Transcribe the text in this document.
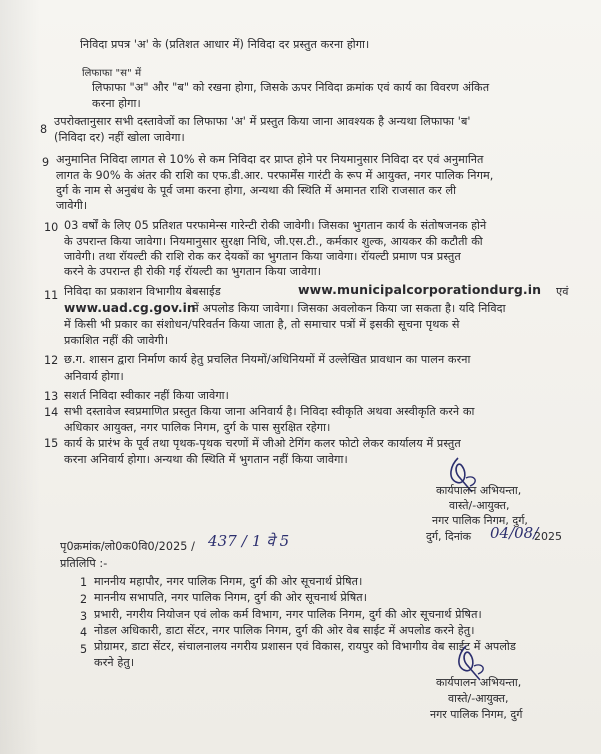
निविदा प्रपत्र 'अ' के (प्रतिशत आधार में) निविदा दर प्रस्तुत करना होगा।
लिफाफा "स" में
लिफाफा "अ" और "ब" को रखना होगा, जिसके ऊपर निविदा क्रमांक एवं कार्य का विवरण अंकित
करना होगा।
8
उपरोक्तानुसार सभी दस्तावेजों का लिफाफा 'अ' में प्रस्तुत किया जाना आवश्यक है अन्यथा लिफाफा 'ब'
(निविदा दर) नहीं खोला जावेगा।
9 अनुमानित निविदा लागत से 10% से कम निविदा दर प्राप्त होने पर नियमानुसार निविदा दर एवं अनुमानित
लागत के 90% के अंतर की राशि का एफ.डी.आर. परफार्मेंस गारंटी के रूप में आयुक्त, नगर पालिक निगम,
दुर्ग के नाम से अनुबंध के पूर्व जमा करना होगा, अन्यथा की स्थिति में अमानत राशि राजसात कर ली
जावेगी।
10 03 वर्षों के लिए 05 प्रतिशत परफामेन्स गारेन्टी रोकी जावेगी। जिसका भुगतान कार्य के संतोषजनक होने
के उपरान्त किया जावेगा। नियमानुसार सुरक्षा निधि, जी.एस.टी., कर्मकार शुल्क, आयकर की कटौती की
जावेगी। तथा रॉयल्टी की राशि रोक कर देयकों का भुगतान किया जावेगा। रॉयल्टी प्रमाण पत्र प्रस्तुत
करने के उपरान्त ही रोकी गई रॉयल्टी का भुगतान किया जावेगा।
11 निविदा का प्रकाशन विभागीय बेबसाईड	www.municipalcorporationdurg.in एवं
www.uad.cg.gov.in
में अपलोड किया जावेगा। जिसका अवलोकन किया जा सकता है। यदि निविदा
में किसी भी प्रकार का संशोधन/परिवर्तन किया जाता है, तो समाचार पत्रों में इसकी सूचना पृथक से
प्रकाशित नहीं की जावेगी।
12 छ.ग. शासन द्वारा निर्माण कार्य हेतु प्रचलित नियमों/अधिनियमों में उल्लेखित प्रावधान का पालन करना
अनिवार्य होगा।
13 सशर्त निविदा स्वीकार नहीं किया जावेगा।
14 सभी दस्तावेज स्वप्रमाणित प्रस्तुत किया जाना अनिवार्य है। निविदा स्वीकृति अथवा अस्वीकृति करने का
अधिकार आयुक्त, नगर पालिक निगम, दुर्ग के पास सुरक्षित रहेगा।
15 कार्य के प्रारंभ के पूर्व तथा पृथक-पृथक चरणों में जीओ टेगिंग कलर फोटो लेकर कार्यालय में प्रस्तुत
करना अनिवार्य होगा। अन्यथा की स्थिति में भुगतान नहीं किया जावेगा।
कार्यपालन अभियन्ता,
वास्ते/-आयुक्त,
नगर पालिक निगम, दुर्ग,
दुर्ग, दिनांक 04/08/
2025
पृ0क्रमांक/लो0क0वि0/2025 / 437 / 1 वे 5
प्रतिलिपि :-
1 माननीय महापौर, नगर पालिक निगम, दुर्ग की ओर सूचनार्थ प्रेषित।
2 माननीय सभापति, नगर पालिक निगम, दुर्ग की ओर सूचनार्थ प्रेषित।
3 प्रभारी, नगरीय नियोजन एवं लोक कर्म विभाग, नगर पालिक निगम, दुर्ग की ओर सूचनार्थ प्रेषित।
4 नोडल अधिकारी, डाटा सेंटर, नगर पालिक निगम, दुर्ग की ओर वेब साईट में अपलोड करने हेतु।
5 प्रोग्रामर, डाटा सेंटर, संचालनालय नगरीय प्रशासन एवं विकास, रायपुर को विभागीय वेब साईट में अपलोड
करने हेतु।
कार्यपालन अभियन्ता,
वास्ते/-आयुक्त,
नगर पालिक निगम, दुर्ग
